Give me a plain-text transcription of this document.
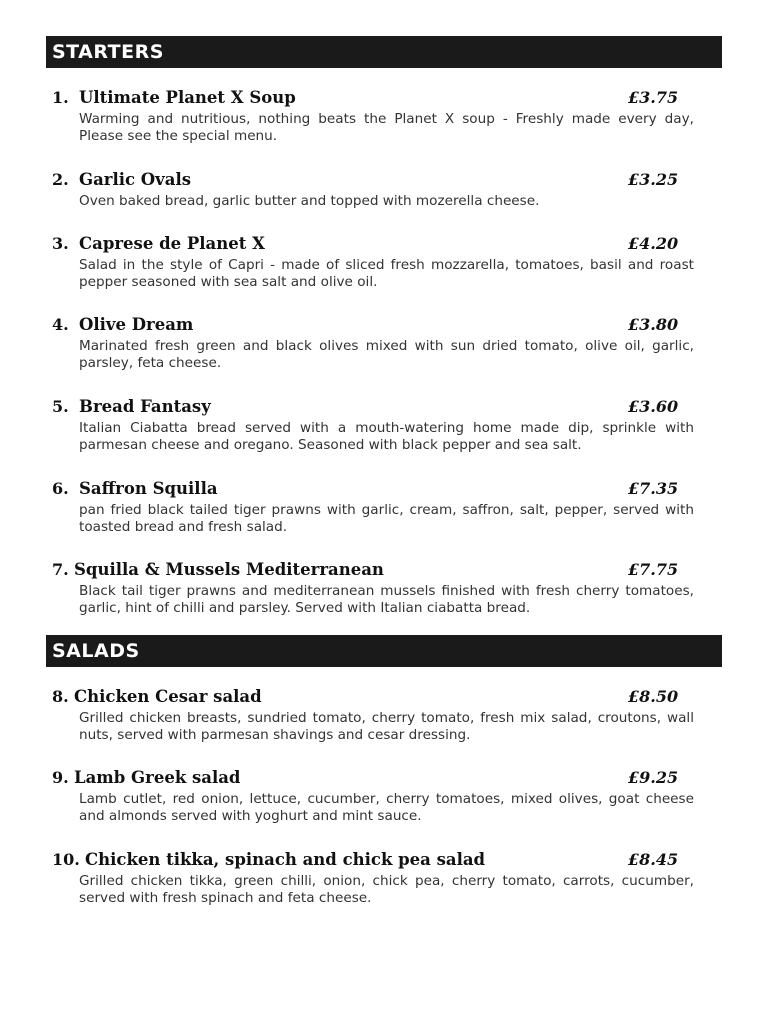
STARTERS
1. Ultimate Planet X Soup	£3.75

Warming and nutritious, nothing beats the Planet X soup - Freshly made every day, Please see the special menu.

2. Garlic Ovals	£3.25

Oven baked bread, garlic butter and topped with mozerella cheese.

3. Caprese de Planet X	£4.20

Salad in the style of Capri - made of sliced fresh mozzarella, tomatoes, basil and roast pepper seasoned with sea salt and olive oil.

4. Olive Dream	£3.80

Marinated fresh green and black olives mixed with sun dried tomato, olive oil, garlic, parsley, feta cheese.

5. Bread Fantasy	£3.60

Italian Ciabatta bread served with a mouth-watering home made dip, sprinkle with parmesan cheese and oregano. Seasoned with black pepper and sea salt.

6. Saffron Squilla	£7.35

pan fried black tailed tiger prawns with garlic, cream, saffron, salt, pepper, served with toasted bread and fresh salad.

7. Squilla & Mussels Mediterranean	£7.75

Black tail tiger prawns and mediterranean mussels finished with fresh cherry tomatoes, garlic, hint of chilli and parsley. Served with Italian ciabatta bread.

SALADS
8. Chicken Cesar salad	£8.50

Grilled chicken breasts, sundried tomato, cherry tomato, fresh mix salad, croutons, wall nuts, served with parmesan shavings and cesar dressing.

9. Lamb Greek salad	£9.25

Lamb cutlet, red onion, lettuce, cucumber, cherry tomatoes, mixed olives, goat cheese and almonds served with yoghurt and mint sauce.

10. Chicken tikka, spinach and chick pea salad	£8.45

Grilled chicken tikka, green chilli, onion, chick pea, cherry tomato, carrots, cucumber, served with fresh spinach and feta cheese.
